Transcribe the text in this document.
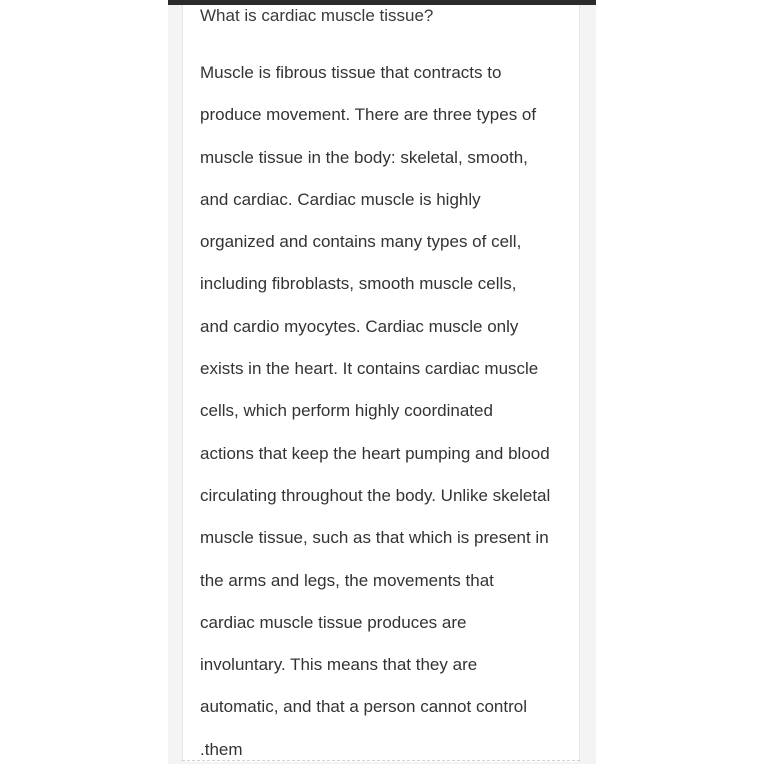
What is cardiac muscle tissue?
Muscle is fibrous tissue that contracts to
produce movement. There are three types of
muscle tissue in the body: skeletal, smooth,
and cardiac. Cardiac muscle is highly
organized and contains many types of cell,
including fibroblasts, smooth muscle cells,
and cardio myocytes. Cardiac muscle only
exists in the heart. It contains cardiac muscle
cells, which perform highly coordinated
actions that keep the heart pumping and blood
circulating throughout the body. Unlike skeletal
muscle tissue, such as that which is present in
the arms and legs, the movements that
cardiac muscle tissue produces are
involuntary. This means that they are
automatic, and that a person cannot control
.them
